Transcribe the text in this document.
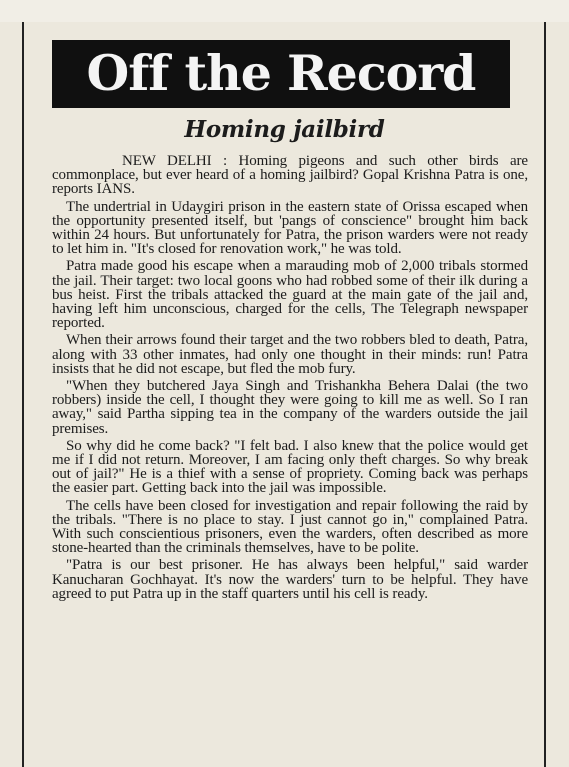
Off the Record
Homing jailbird

NEW DELHI : Homing pigeons and such other birds are commonplace, but ever heard of a homing jailbird? Gopal Krishna Patra is one, reports IANS.

The undertrial in Udaygiri prison in the eastern state of Orissa escaped when the opportunity presented itself, but 'pangs of conscience" brought him back within 24 hours. But unfortunately for Patra, the prison warders were not ready to let him in. "It's closed for renovation work," he was told.

Patra made good his escape when a marauding mob of 2,000 tribals stormed the jail. Their target: two local goons who had robbed some of their ilk during a bus heist. First the tribals attacked the guard at the main gate of the jail and, having left him unconscious, charged for the cells, The Telegraph newspaper reported.

When their arrows found their target and the two robbers bled to death, Patra, along with 33 other inmates, had only one thought in their minds: run! Patra insists that he did not escape, but fled the mob fury.

"When they butchered Jaya Singh and Trishankha Behera Dalai (the two robbers) inside the cell, I thought they were going to kill me as well. So I ran away," said Partha sipping tea in the company of the warders outside the jail premises.

So why did he come back? "I felt bad. I also knew that the police would get me if I did not return. Moreover, I am facing only theft charges. So why break out of jail?" He is a thief with a sense of propriety. Coming back was perhaps the easier part. Getting back into the jail was impossible.

The cells have been closed for investigation and repair following the raid by the tribals. "There is no place to stay. I just cannot go in," complained Patra. With such conscientious prisoners, even the warders, often described as more stone-hearted than the criminals themselves, have to be polite.

"Patra is our best prisoner. He has always been helpful," said warder Kanucharan Gochhayat. It's now the warders' turn to be helpful. They have agreed to put Patra up in the staff quarters until his cell is ready.
